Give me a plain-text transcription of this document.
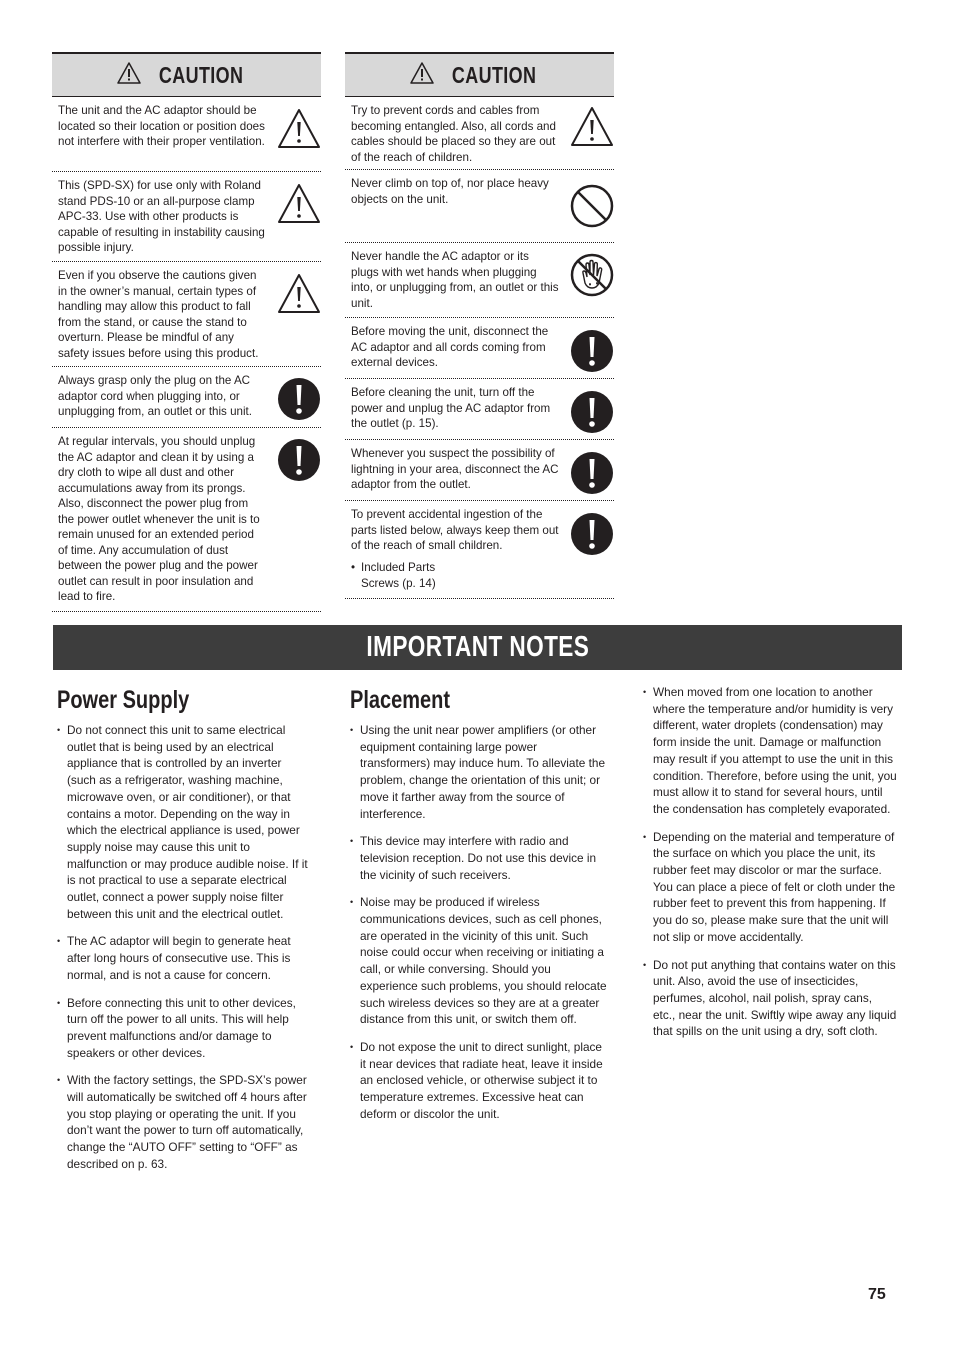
CAUTION
The unit and the AC adaptor should be located so their location or position does not interfere with their proper ventilation.
This (SPD-SX) for use only with Roland stand PDS-10 or an all-purpose clamp APC-33. Use with other products is capable of resulting in instability causing possible injury.
Even if you observe the cautions given in the owner’s manual, certain types of handling may allow this product to fall from the stand, or cause the stand to overturn. Please be mindful of any safety issues before using this product.
Always grasp only the plug on the AC adaptor cord when plugging into, or unplugging from, an outlet or this unit.
At regular intervals, you should unplug the AC adaptor and clean it by using a dry cloth to wipe all dust and other accumulations away from its prongs. Also, disconnect the power plug from the power outlet whenever the unit is to remain unused for an extended period of time. Any accumulation of dust between the power plug and the power outlet can result in poor insulation and lead to fire.
CAUTION
Try to prevent cords and cables from becoming entangled. Also, all cords and cables should be placed so they are out of the reach of children.
Never climb on top of, nor place heavy objects on the unit.
Never handle the AC adaptor or its plugs with wet hands when plugging into, or unplugging from, an outlet or this unit.
Before moving the unit, disconnect the AC adaptor and all cords coming from external devices.
Before cleaning the unit, turn off the power and unplug the AC adaptor from the outlet (p. 15).
Whenever you suspect the possibility of lightning in your area, disconnect the AC adaptor from the outlet.
To prevent accidental ingestion of the parts listed below, always keep them out of the reach of small children.
• Included Parts
Screws (p. 14)
IMPORTANT NOTES
Power Supply
• Do not connect this unit to same electrical outlet that is being used by an electrical appliance that is controlled by an inverter (such as a refrigerator, washing machine, microwave oven, or air conditioner), or that contains a motor. Depending on the way in which the electrical appliance is used, power supply noise may cause this unit to malfunction or may produce audible noise. If it is not practical to use a separate electrical outlet, connect a power supply noise filter between this unit and the electrical outlet.
• The AC adaptor will begin to generate heat after long hours of consecutive use. This is normal, and is not a cause for concern.
• Before connecting this unit to other devices, turn off the power to all units. This will help prevent malfunctions and/or damage to speakers or other devices.
• With the factory settings, the SPD-SX’s power will automatically be switched off 4 hours after you stop playing or operating the unit. If you don’t want the power to turn off automatically, change the “AUTO OFF” setting to “OFF” as described on p. 63.
Placement
• Using the unit near power amplifiers (or other equipment containing large power transformers) may induce hum. To alleviate the problem, change the orientation of this unit; or move it farther away from the source of interference.
• This device may interfere with radio and television reception. Do not use this device in the vicinity of such receivers.
• Noise may be produced if wireless communications devices, such as cell phones, are operated in the vicinity of this unit. Such noise could occur when receiving or initiating a call, or while conversing. Should you experience such problems, you should relocate such wireless devices so they are at a greater distance from this unit, or switch them off.
• Do not expose the unit to direct sunlight, place it near devices that radiate heat, leave it inside an enclosed vehicle, or otherwise subject it to temperature extremes. Excessive heat can deform or discolor the unit.
• When moved from one location to another where the temperature and/or humidity is very different, water droplets (condensation) may form inside the unit. Damage or malfunction may result if you attempt to use the unit in this condition. Therefore, before using the unit, you must allow it to stand for several hours, until the condensation has completely evaporated.
• Depending on the material and temperature of the surface on which you place the unit, its rubber feet may discolor or mar the surface. You can place a piece of felt or cloth under the rubber feet to prevent this from happening. If you do so, please make sure that the unit will not slip or move accidentally.
• Do not put anything that contains water on this unit. Also, avoid the use of insecticides, perfumes, alcohol, nail polish, spray cans, etc., near the unit. Swiftly wipe away any liquid that spills on the unit using a dry, soft cloth.
75
